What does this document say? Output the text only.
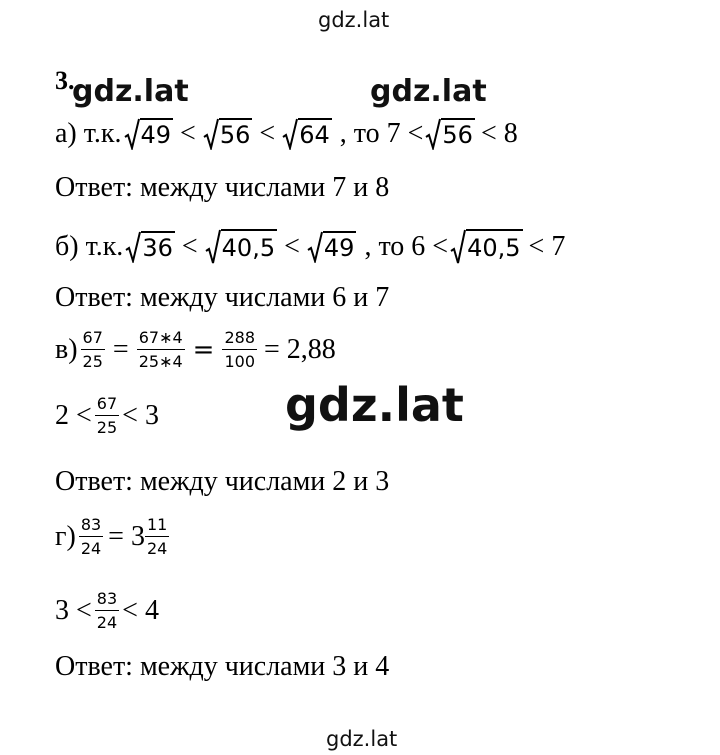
gdz.lat
gdz.lat	gdz.lat
gdz.lat
gdz.lat
3.
а) т.к. 49 < 56 < 64 , то 7 < 56 < 8
Ответ: между числами 7 и 8
б) т.к. 36 < 40,5 < 49 , то 6 < 40,5 < 7
Ответ: между числами 6 и 7
$в) \frac{67}{25} = \frac{67∗4}{25∗4} = \frac{288}{100} = 2,88$
$2 < \frac{67}{25} < 3$
Ответ: между числами 2 и 3
$г) \frac{83}{24} = 3 \frac{11}{24}$
$3 < \frac{83}{24} < 4$
Ответ: между числами 3 и 4
